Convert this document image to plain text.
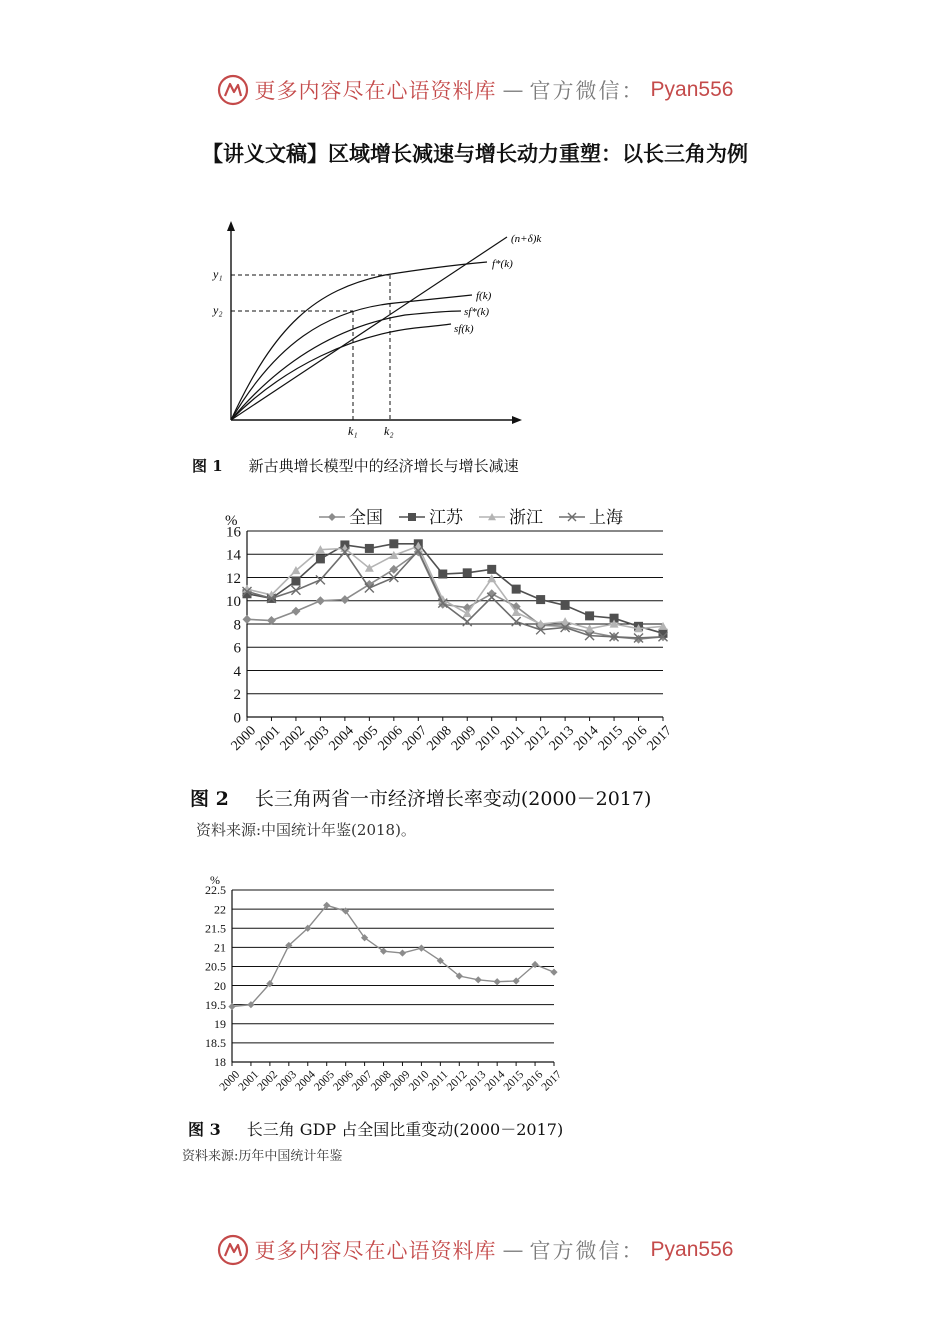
更多内容尽在心语资料库 — 官方微信： Pyan556
【讲义文稿】区域增长减速与增长动力重塑：以长三角为例
y₁
y₂
k₁ k₂
(n+δ)k
f*(k)
f(k)
sf*(k)
sf(k)
图 1 新古典增长模型中的经济增长与增长减速
0
2
4
6
8
10
12
14
16
2000
2001
2002
2003
2004
2005
2006
2007
2008
2009
2010
2011
2012
2013
2014
2015
2016
2017
%	全国	江苏	浙江	上海
图 2 长三角两省一市经济增长率变动(2000－2017)
资料来源:中国统计年鉴(2018)。
18
18.5
19
19.5
20
20.5
21
21.5
22
22.5
2000
2001
2002
2003
2004
2005
2006
2007
2008
2009
2010
2011
2012
2013
2014
2015
2016
2017
%
图 3 长三角 GDP 占全国比重变动(2000－2017)
资料来源:历年中国统计年鉴
更多内容尽在心语资料库 — 官方微信： Pyan556
